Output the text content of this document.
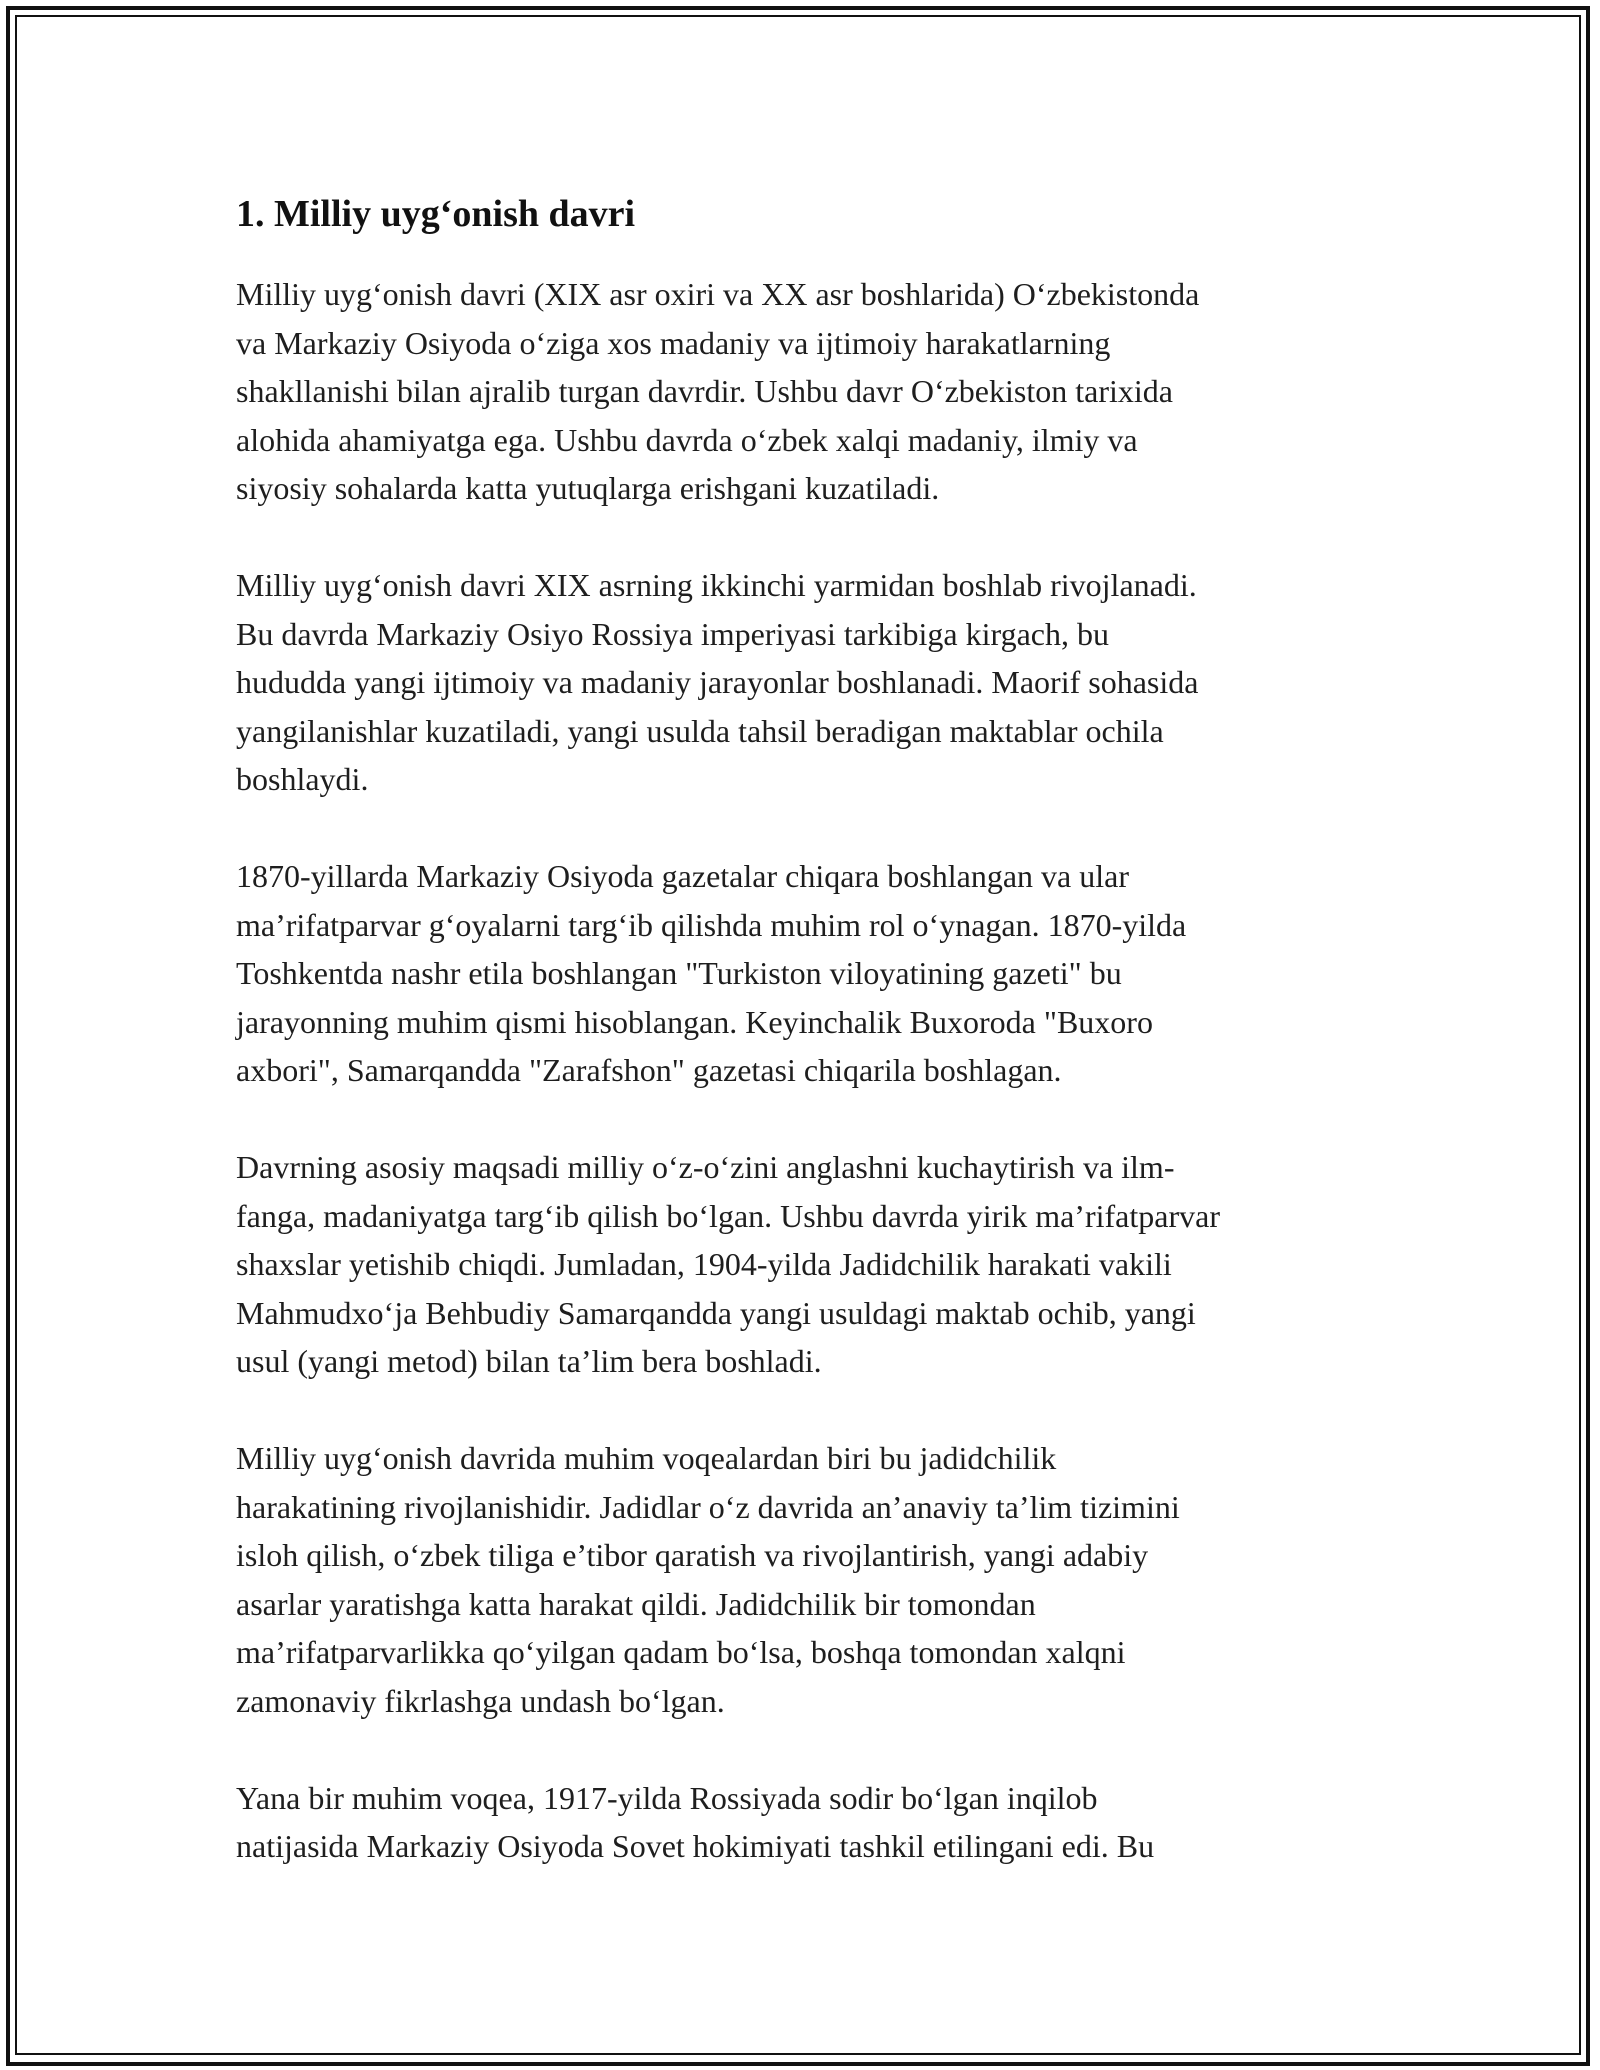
1. Milliy uyg‘onish davri

Milliy uyg‘onish davri (XIX asr oxiri va XX asr boshlarida) O‘zbekistonda
va Markaziy Osiyoda o‘ziga xos madaniy va ijtimoiy harakatlarning
shakllanishi bilan ajralib turgan davrdir. Ushbu davr O‘zbekiston tarixida
alohida ahamiyatga ega. Ushbu davrda o‘zbek xalqi madaniy, ilmiy va
siyosiy sohalarda katta yutuqlarga erishgani kuzatiladi.

Milliy uyg‘onish davri XIX asrning ikkinchi yarmidan boshlab rivojlanadi.
Bu davrda Markaziy Osiyo Rossiya imperiyasi tarkibiga kirgach, bu
hududda yangi ijtimoiy va madaniy jarayonlar boshlanadi. Maorif sohasida
yangilanishlar kuzatiladi, yangi usulda tahsil beradigan maktablar ochila
boshlaydi.

1870-yillarda Markaziy Osiyoda gazetalar chiqara boshlangan va ular
ma’rifatparvar g‘oyalarni targ‘ib qilishda muhim rol o‘ynagan. 1870-yilda
Toshkentda nashr etila boshlangan "Turkiston viloyatining gazeti" bu
jarayonning muhim qismi hisoblangan. Keyinchalik Buxoroda "Buxoro
axbori", Samarqandda "Zarafshon" gazetasi chiqarila boshlagan.

Davrning asosiy maqsadi milliy o‘z-o‘zini anglashni kuchaytirish va ilm-
fanga, madaniyatga targ‘ib qilish bo‘lgan. Ushbu davrda yirik ma’rifatparvar
shaxslar yetishib chiqdi. Jumladan, 1904-yilda Jadidchilik harakati vakili
Mahmudxo‘ja Behbudiy Samarqandda yangi usuldagi maktab ochib, yangi
usul (yangi metod) bilan ta’lim bera boshladi.

Milliy uyg‘onish davrida muhim voqealardan biri bu jadidchilik
harakatining rivojlanishidir. Jadidlar o‘z davrida an’anaviy ta’lim tizimini
isloh qilish, o‘zbek tiliga e’tibor qaratish va rivojlantirish, yangi adabiy
asarlar yaratishga katta harakat qildi. Jadidchilik bir tomondan
ma’rifatparvarlikka qo‘yilgan qadam bo‘lsa, boshqa tomondan xalqni
zamonaviy fikrlashga undash bo‘lgan.

Yana bir muhim voqea, 1917-yilda Rossiyada sodir bo‘lgan inqilob
natijasida Markaziy Osiyoda Sovet hokimiyati tashkil etilingani edi. Bu
